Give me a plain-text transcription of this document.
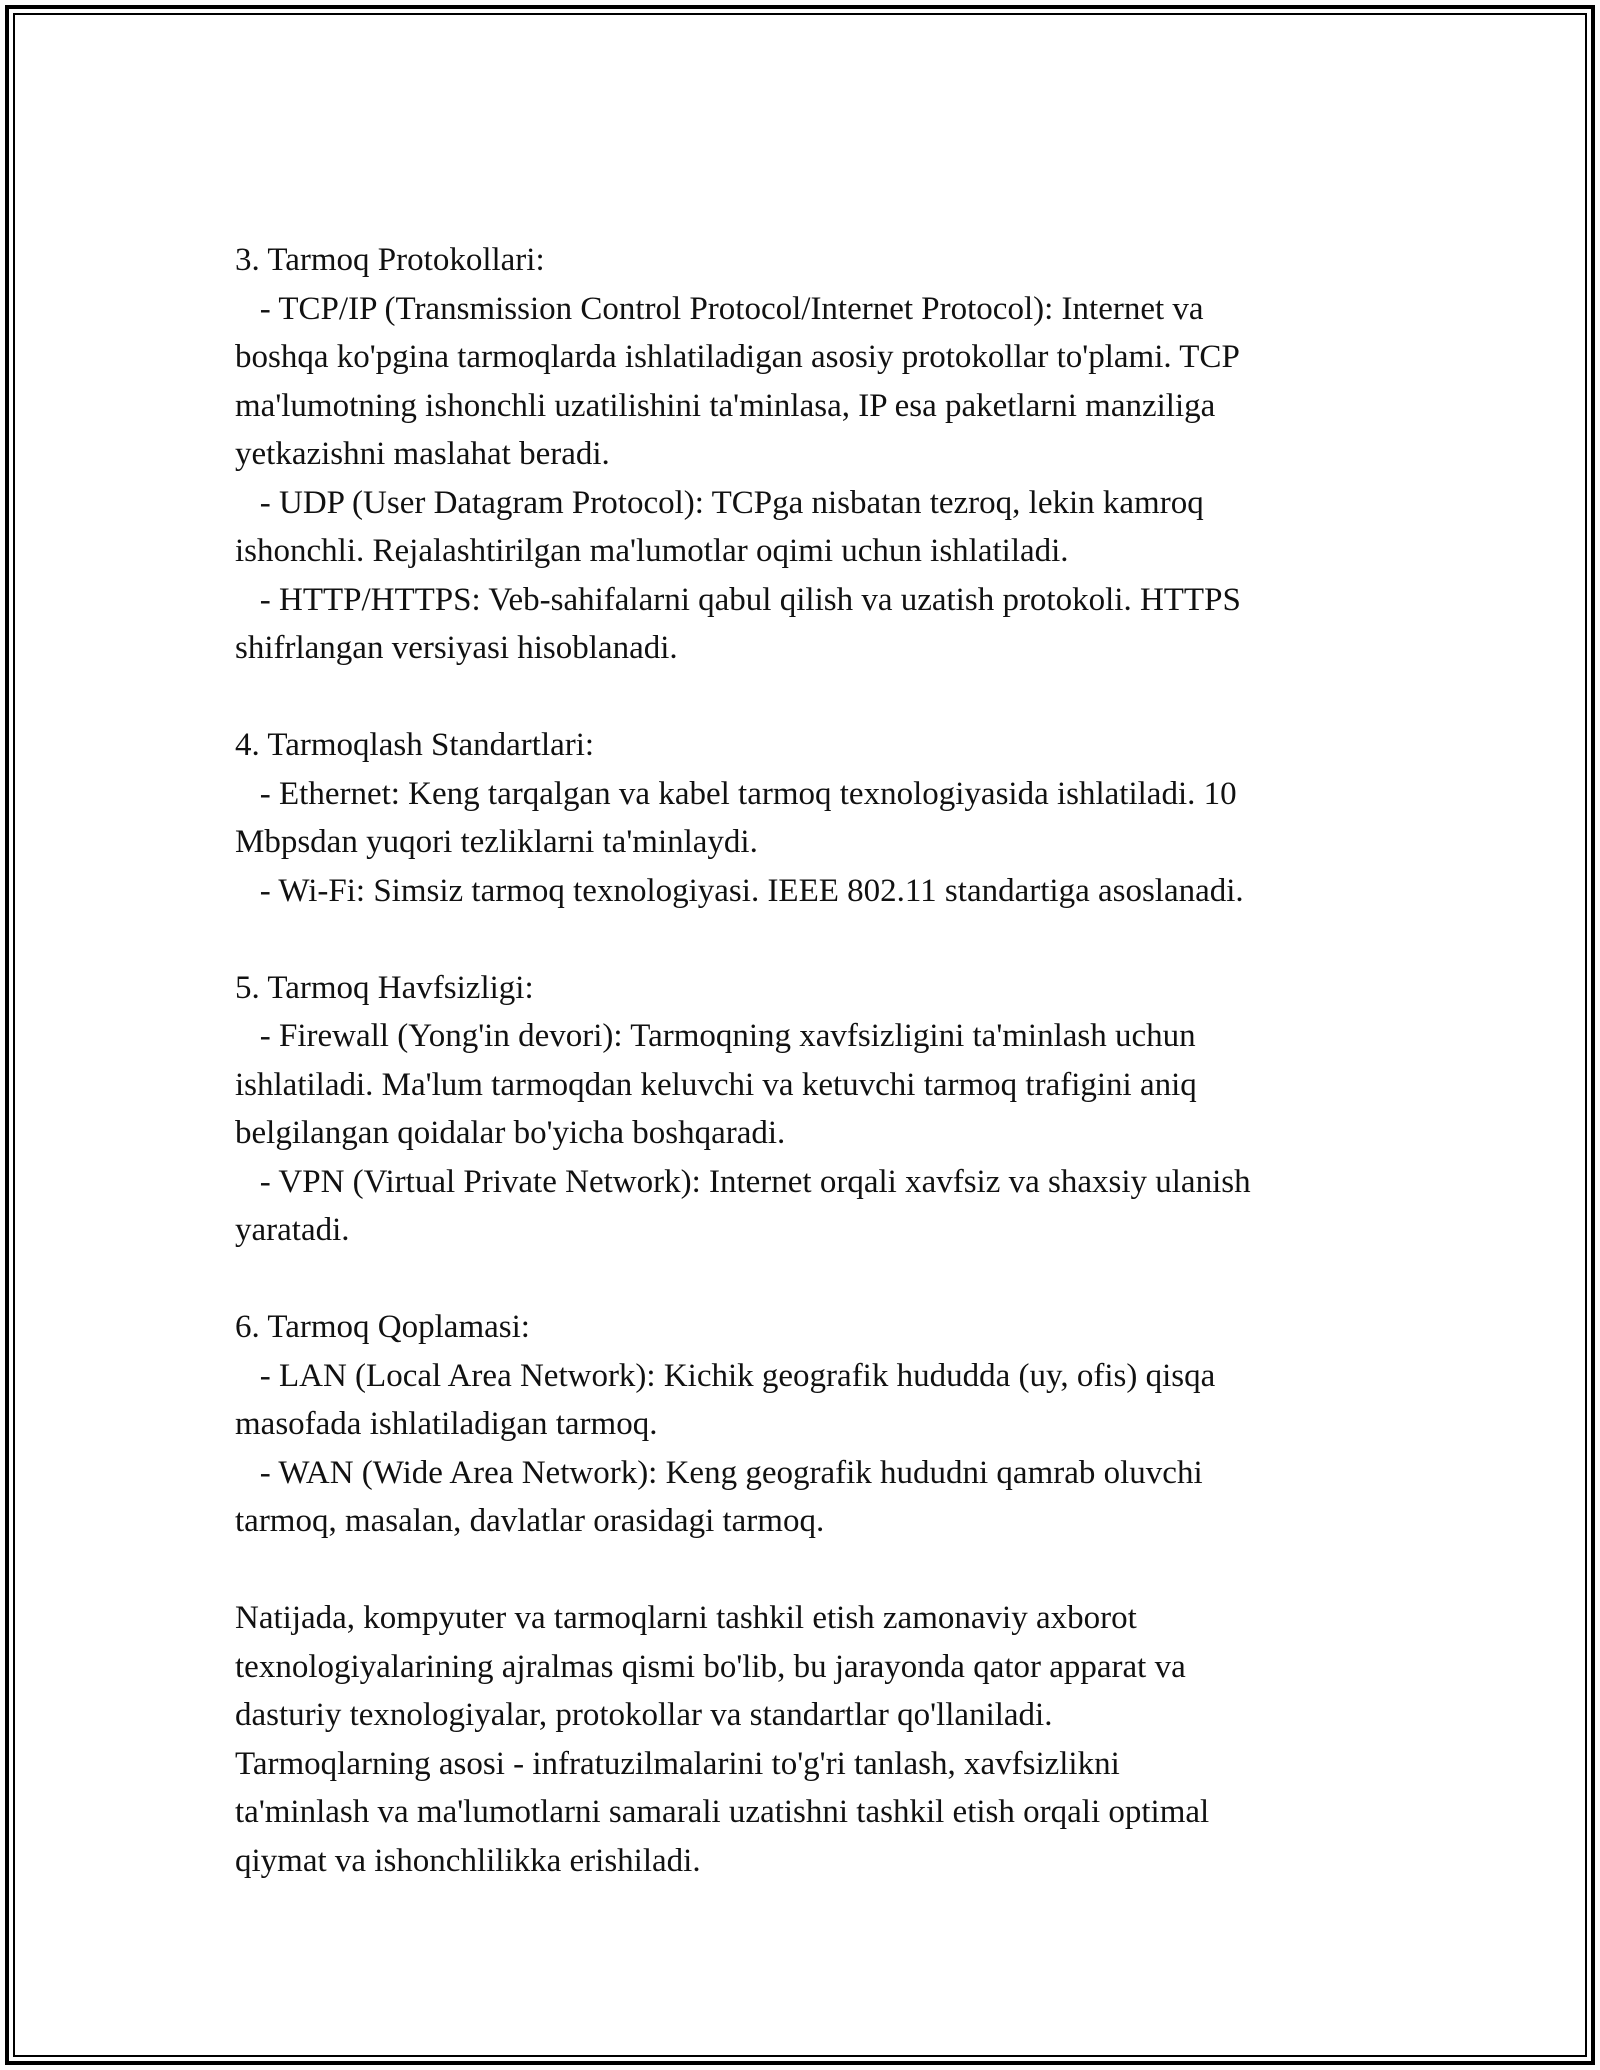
3. Tarmoq Protokollari:
- TCP/IP (Transmission Control Protocol/Internet Protocol): Internet va
boshqa ko'pgina tarmoqlarda ishlatiladigan asosiy protokollar to'plami. TCP
ma'lumotning ishonchli uzatilishini ta'minlasa, IP esa paketlarni manziliga
yetkazishni maslahat beradi.
- UDP (User Datagram Protocol): TCPga nisbatan tezroq, lekin kamroq
ishonchli. Rejalashtirilgan ma'lumotlar oqimi uchun ishlatiladi.
- HTTP/HTTPS: Veb-sahifalarni qabul qilish va uzatish protokoli. HTTPS
shifrlangan versiyasi hisoblanadi.
4. Tarmoqlash Standartlari:
- Ethernet: Keng tarqalgan va kabel tarmoq texnologiyasida ishlatiladi. 10
Mbpsdan yuqori tezliklarni ta'minlaydi.
- Wi-Fi: Simsiz tarmoq texnologiyasi. IEEE 802.11 standartiga asoslanadi.
5. Tarmoq Havfsizligi:
- Firewall (Yong'in devori): Tarmoqning xavfsizligini ta'minlash uchun
ishlatiladi. Ma'lum tarmoqdan keluvchi va ketuvchi tarmoq trafigini aniq
belgilangan qoidalar bo'yicha boshqaradi.
- VPN (Virtual Private Network): Internet orqali xavfsiz va shaxsiy ulanish
yaratadi.
6. Tarmoq Qoplamasi:
- LAN (Local Area Network): Kichik geografik hududda (uy, ofis) qisqa
masofada ishlatiladigan tarmoq.
- WAN (Wide Area Network): Keng geografik hududni qamrab oluvchi
tarmoq, masalan, davlatlar orasidagi tarmoq.
Natijada, kompyuter va tarmoqlarni tashkil etish zamonaviy axborot
texnologiyalarining ajralmas qismi bo'lib, bu jarayonda qator apparat va
dasturiy texnologiyalar, protokollar va standartlar qo'llaniladi.
Tarmoqlarning asosi - infratuzilmalarini to'g'ri tanlash, xavfsizlikni
ta'minlash va ma'lumotlarni samarali uzatishni tashkil etish orqali optimal
qiymat va ishonchlilikka erishiladi.
